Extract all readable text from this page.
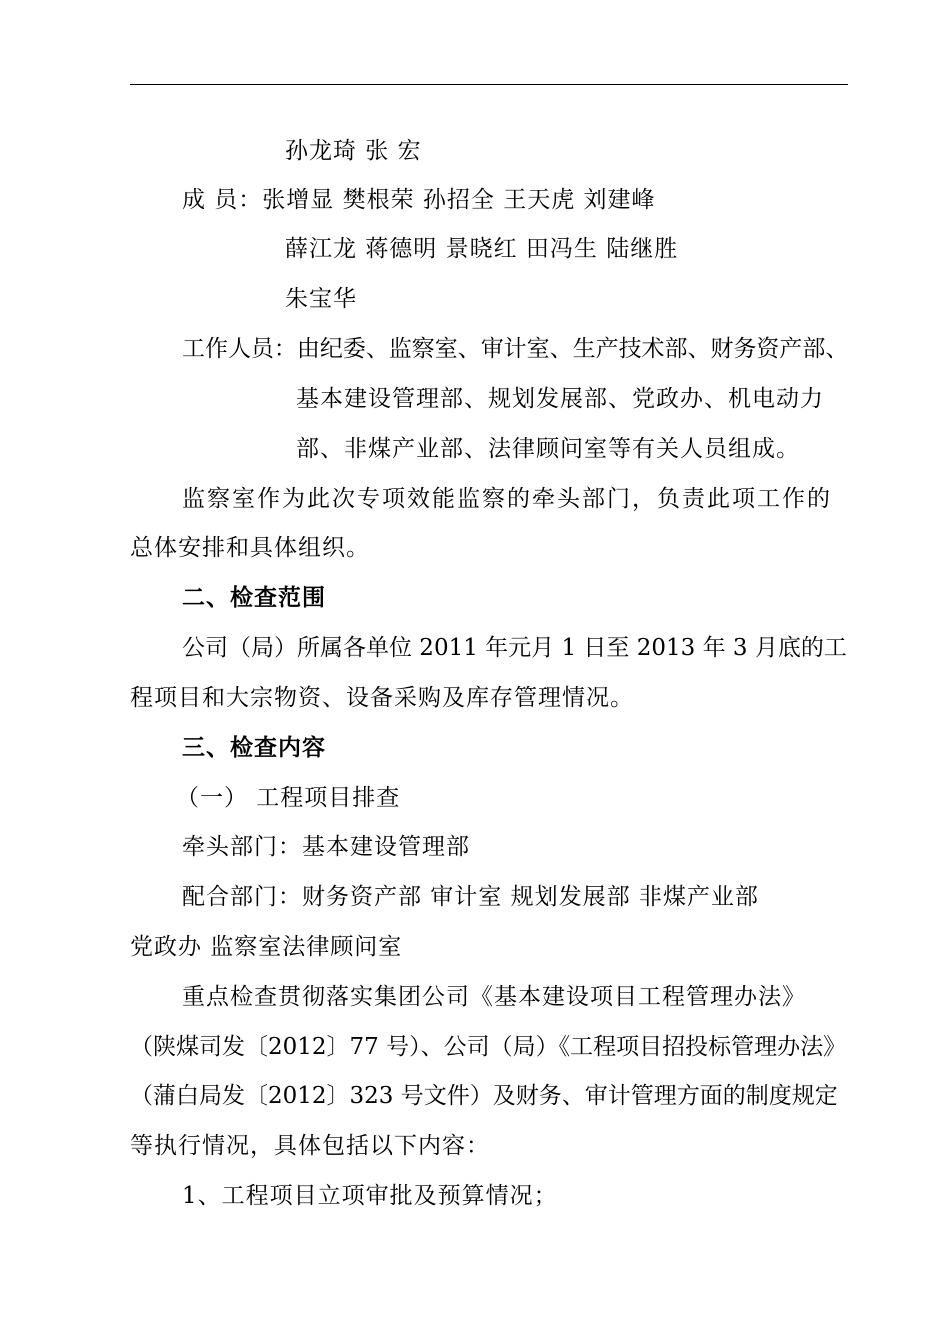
孙龙琦 张 宏
成 员：张增显 樊根荣 孙招全 王天虎 刘建峰
薛江龙 蒋德明 景晓红 田冯生 陆继胜
朱宝华
工作人员：由纪委、监察室、审计室、生产技术部、财务资产部、
基本建设管理部、规划发展部、党政办、机电动力
部、非煤产业部、法律顾问室等有关人员组成。
监察室作为此次专项效能监察的牵头部门，负责此项工作的
总体安排和具体组织。
二、检查范围
公司（局）所属各单位 2011 年元月 1 日至 2013 年 3 月底的工
程项目和大宗物资、设备采购及库存管理情况。
三、检查内容
（一） 工程项目排查
牵头部门：基本建设管理部
配合部门：财务资产部 审计室 规划发展部 非煤产业部
党政办 监察室法律顾问室
重点检查贯彻落实集团公司《基本建设项目工程管理办法》
（陕煤司发〔2012〕77 号）、公司（局）《工程项目招投标管理办法》
（蒲白局发〔2012〕323 号文件）及财务、审计管理方面的制度规定
等执行情况，具体包括以下内容：
1、工程项目立项审批及预算情况；
